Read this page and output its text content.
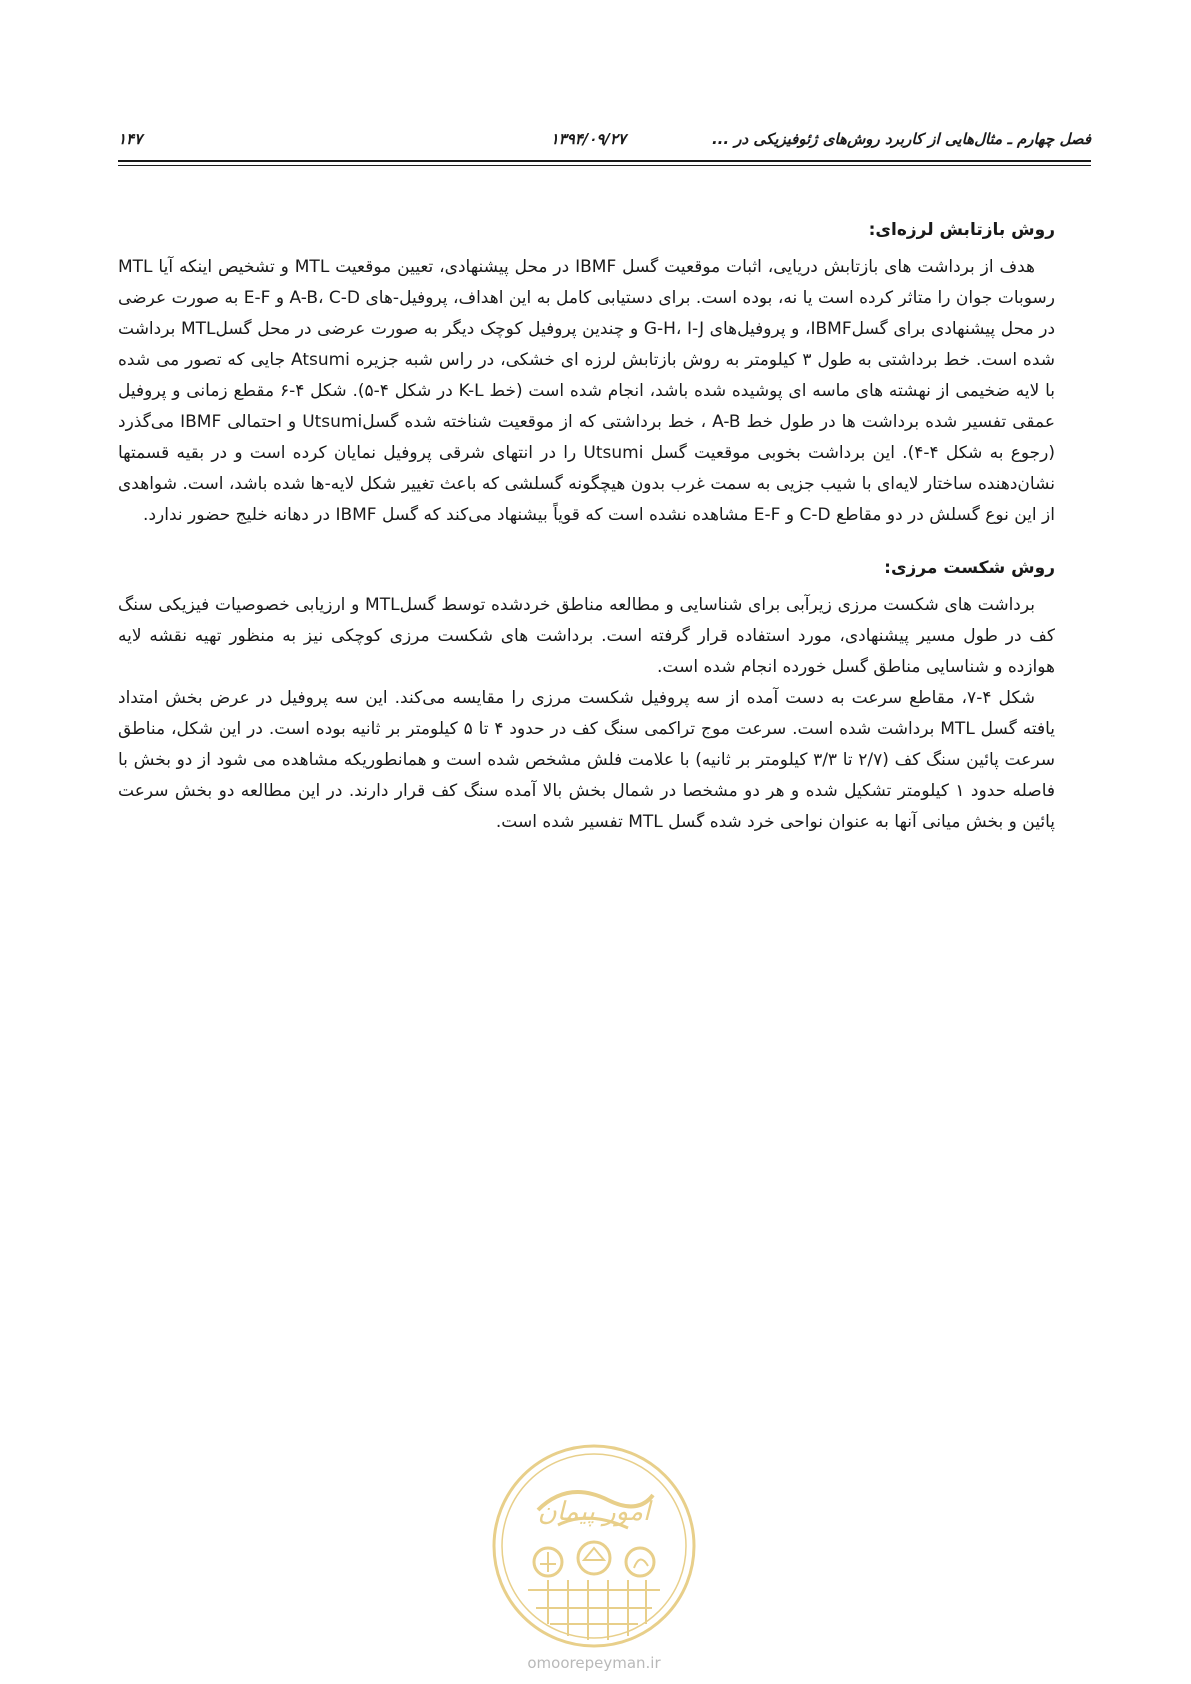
فصل چهارم ـ مثال‌هایی از کاربرد روش‌های ژئوفیزیکی در ...
۱۳۹۴/۰۹/۲۷
۱۴۷
روش بازتابش لرزه‌ای:

هدف از برداشت های بازتابش دریایی، اثبات موقعیت گسل IBMF در محل پیشنهادی، تعیین موقعیت MTL و تشخیص اینکه آیا MTL رسوبات جوان را متاثر کرده است یا نه، بوده است. برای دستیابی کامل به این اهداف، پروفیل-های A-B، C-D و E-F به صورت عرضی در محل پیشنهادی برای گسلIBMF، و پروفیل‌های G-H، I-J و چندین پروفیل کوچک دیگر به صورت عرضی در محل گسلMTL برداشت شده است. خط برداشتی به طول ۳ کیلومتر به روش بازتابش لرزه ای خشکی، در راس شبه جزیره Atsumi جایی که تصور می شده با لایه ضخیمی از نهشته های ماسه ای پوشیده شده باشد، انجام شده است (خط K-L در شکل ۴-۵). شکل ۴-۶ مقطع زمانی و پروفیل عمقی تفسیر شده برداشت ها در طول خط A-B ، خط برداشتی که از موقعیت شناخته شده گسلUtsumi و احتمالی IBMF می‌گذرد (رجوع به شکل ۴-۴). این برداشت بخوبی موقعیت گسل Utsumi را در انتهای شرقی پروفیل نمایان کرده است و در بقیه قسمتها نشان‌دهنده ساختار لایه‌ای با شیب جزیی به سمت غرب بدون هیچگونه گسلشی که باعث تغییر شکل لایه-ها شده باشد، است. شواهدی از این نوع گسلش در دو مقاطع C-D و E-F مشاهده نشده است که قویاً بیشنهاد می‌کند که گسل IBMF در دهانه خلیج حضور ندارد.

روش شکست مرزی:

برداشت های شکست مرزی زیرآبی برای شناسایی و مطالعه مناطق خردشده توسط گسلMTL و ارزیابی خصوصیات فیزیکی سنگ کف در طول مسیر پیشنهادی، مورد استفاده قرار گرفته است. برداشت های شکست مرزی کوچکی نیز به منظور تهیه نقشه لایه هوازده و شناسایی مناطق گسل خورده انجام شده است.

شکل ۴-۷، مقاطع سرعت به دست آمده از سه پروفیل شکست مرزی را مقایسه می‌کند. این سه پروفیل در عرض بخش امتداد یافته گسل MTL برداشت شده است. سرعت موج تراکمی سنگ کف در حدود ۴ تا ۵ کیلومتر بر ثانیه بوده است. در این شکل، مناطق سرعت پائین سنگ کف (۲/۷ تا ۳/۳ کیلومتر بر ثانیه) با علامت فلش مشخص شده است و همانطوریکه مشاهده می شود از دو بخش با فاصله حدود ۱ کیلومتر تشکیل شده و هر دو مشخصا در شمال بخش بالا آمده سنگ کف قرار دارند. در این مطالعه دو بخش سرعت پائین و بخش میانی آنها به عنوان نواحی خرد شده گسل MTL تفسیر شده است.

امور پیمان
omoorepeyman.ir
